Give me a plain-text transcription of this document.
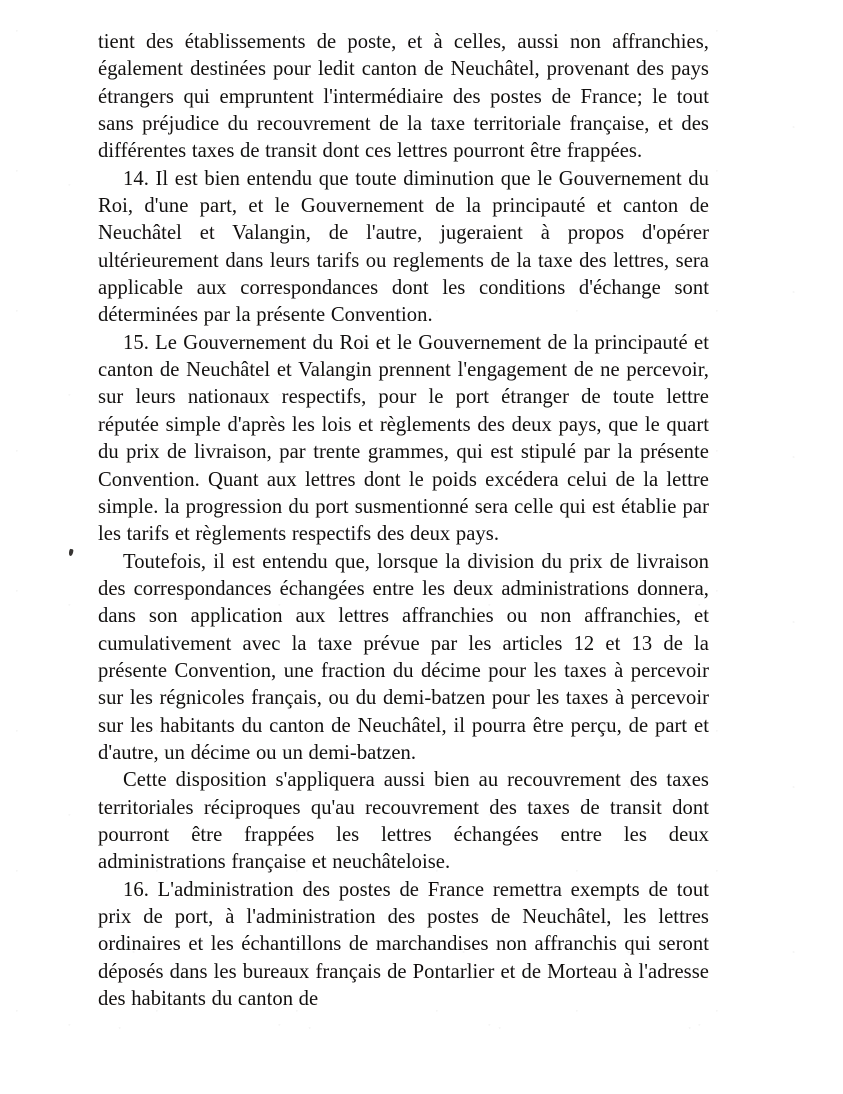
tient des établissements de poste, et à celles, aussi non affranchies, également destinées pour ledit canton de Neuchâtel, provenant des pays étrangers qui empruntent l'intermédiaire des postes de France; le tout sans préjudice du recouvrement de la taxe territoriale française, et des différentes taxes de transit dont ces lettres pourront être frappées.

14. Il est bien entendu que toute diminution que le Gouvernement du Roi, d'une part, et le Gouvernement de la principauté et canton de Neuchâtel et Valangin, de l'autre, jugeraient à propos d'opérer ultérieurement dans leurs tarifs ou reglements de la taxe des lettres, sera applicable aux correspondances dont les conditions d'échange sont déterminées par la présente Convention.

15. Le Gouvernement du Roi et le Gouvernement de la principauté et canton de Neuchâtel et Valangin prennent l'engagement de ne percevoir, sur leurs nationaux respectifs, pour le port étranger de toute lettre réputée simple d'après les lois et règlements des deux pays, que le quart du prix de livraison, par trente grammes, qui est stipulé par la présente Convention. Quant aux lettres dont le poids excédera celui de la lettre simple. la progression du port susmentionné sera celle qui est établie par les tarifs et règlements respectifs des deux pays.

Toutefois, il est entendu que, lorsque la division du prix de livraison des correspondances échangées entre les deux administrations donnera, dans son application aux lettres affranchies ou non affranchies, et cumulativement avec la taxe prévue par les articles 12 et 13 de la présente Convention, une fraction du décime pour les taxes à percevoir sur les régnicoles français, ou du demi-batzen pour les taxes à percevoir sur les habitants du canton de Neuchâtel, il pourra être perçu, de part et d'autre, un décime ou un demi-batzen.

Cette disposition s'appliquera aussi bien au recouvrement des taxes territoriales réciproques qu'au recouvrement des taxes de transit dont pourront être frappées les lettres échangées entre les deux administrations française et neuchâteloise.

16. L'administration des postes de France remettra exempts de tout prix de port, à l'administration des postes de Neuchâtel, les lettres ordinaires et les échantillons de marchandises non affranchis qui seront déposés dans les bureaux français de Pontarlier et de Morteau à l'adresse des habitants du canton de
